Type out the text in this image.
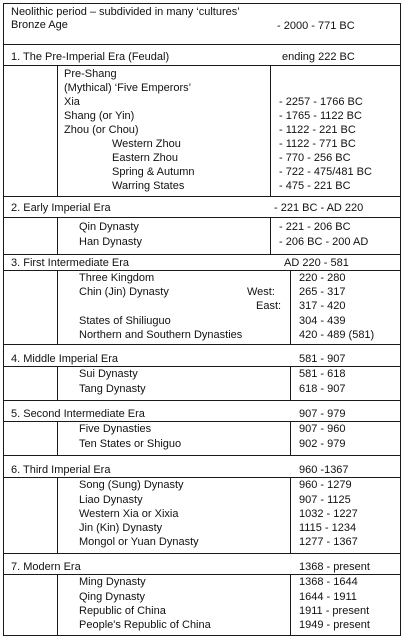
Neolithic period – subdivided in many ‘cultures’
Bronze Age	- 2000 - 771 BC
1. The Pre-Imperial Era (Feudal)	ending 222 BC
Pre-Shang
(Mythical) ‘Five Emperors’
Xia	- 2257 - 1766 BC
Shang (or Yin)	- 1765 - 1122 BC
Zhou (or Chou)	- 1122 - 221 BC
Western Zhou	- 1122 - 771 BC
Eastern Zhou	- 770 - 256 BC
Spring & Autumn	- 722 - 475/481 BC
Warring States	- 475 - 221 BC
2. Early Imperial Era	- 221 BC - AD 220
Qin Dynasty	- 221 - 206 BC
Han Dynasty	- 206 BC - 200 AD
3. First Intermediate Era	AD 220 - 581
Three Kingdom	220 - 280
Chin (Jin) Dynasty	West: 265 - 317
East: 317 - 420
States of Shiliuguo	304 - 439
Northern and Southern Dynasties	420 - 489 (581)
4. Middle Imperial Era	581 - 907
Sui Dynasty	581 - 618
Tang Dynasty	618 - 907
5. Second Intermediate Era	907 - 979
Five Dynasties	907 - 960
Ten States or Shiguo	902 - 979
6. Third Imperial Era	960 -1367
Song (Sung) Dynasty	960 - 1279
Liao Dynasty	907 - 1125
Western Xia or Xixia	1032 - 1227
Jin (Kin) Dynasty	1115 - 1234
Mongol or Yuan Dynasty	1277 - 1367
7. Modern Era	1368 - present
Ming Dynasty	1368 - 1644
Qing Dynasty	1644 - 1911
Republic of China	1911 - present
People's Republic of China	1949 - present
